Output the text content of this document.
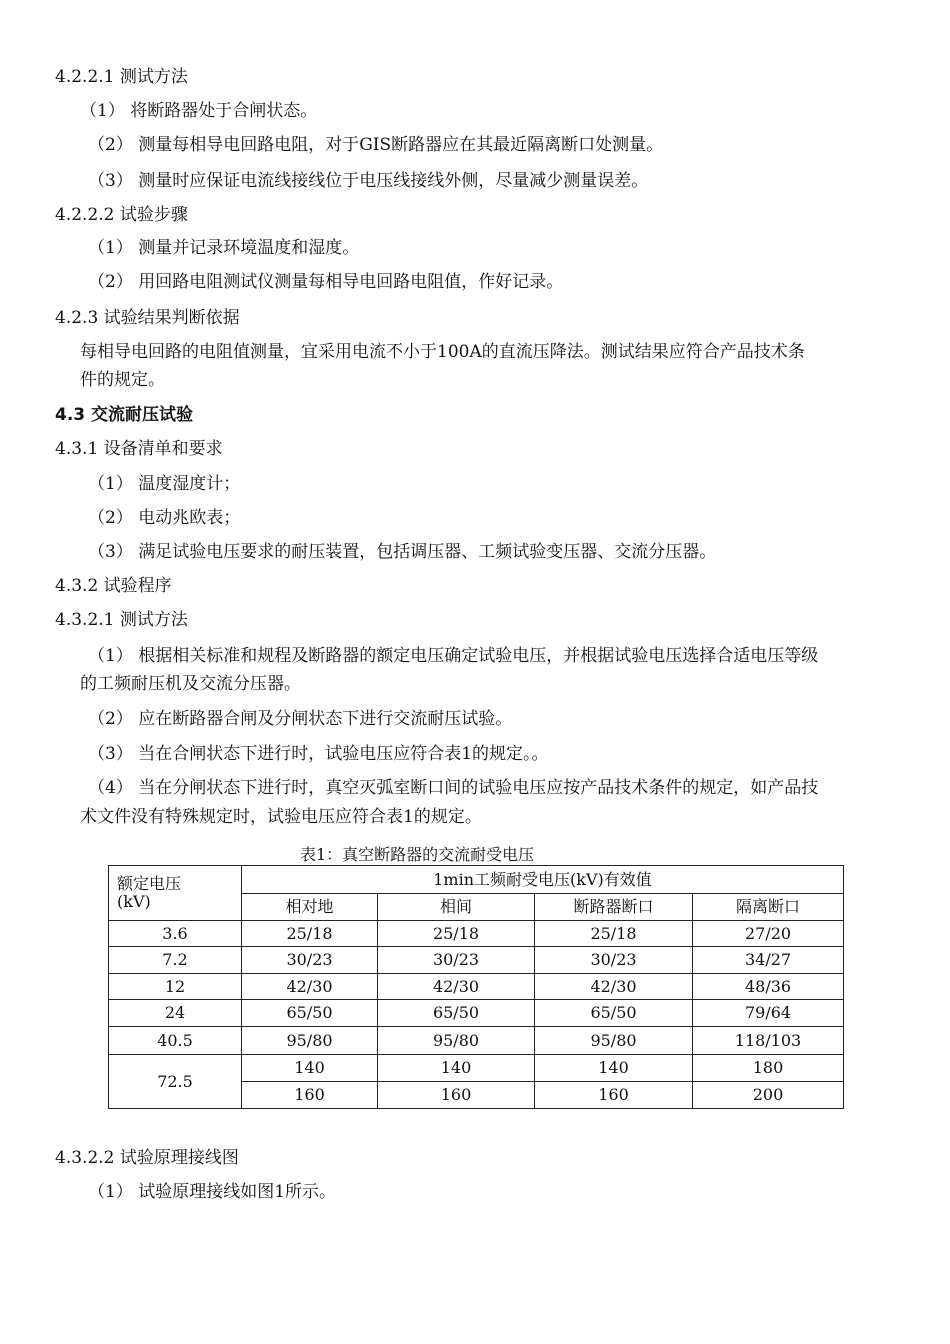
4.2.2.1 测试方法
（1） 将断路器处于合闸状态。
（2） 测量每相导电回路电阻，对于GIS断路器应在其最近隔离断口处测量。
（3） 测量时应保证电流线接线位于电压线接线外侧，尽量减少测量误差。
4.2.2.2 试验步骤
（1） 测量并记录环境温度和湿度。
（2） 用回路电阻测试仪测量每相导电回路电阻值，作好记录。
4.2.3 试验结果判断依据
每相导电回路的电阻值测量，宜采用电流不小于100A的直流压降法。测试结果应符合产品技术条
件的规定。
4.3 交流耐压试验
4.3.1 设备清单和要求
（1） 温度湿度计；
（2） 电动兆欧表；
（3） 满足试验电压要求的耐压装置，包括调压器、工频试验变压器、交流分压器。
4.3.2 试验程序
4.3.2.1 测试方法
（1） 根据相关标准和规程及断路器的额定电压确定试验电压，并根据试验电压选择合适电压等级
的工频耐压机及交流分压器。
（2） 应在断路器合闸及分闸状态下进行交流耐压试验。
（3） 当在合闸状态下进行时，试验电压应符合表1的规定。。
（4） 当在分闸状态下进行时，真空灭弧室断口间的试验电压应按产品技术条件的规定，如产品技
术文件没有特殊规定时，试验电压应符合表1的规定。
表1：真空断路器的交流耐受电压
额定电压
(kV)	1min工频耐受电压(kV)有效值			
	相对地	相间	断路器断口	隔离断口
3.6	25/18	25/18	25/18	27/20
7.2	30/23	30/23	30/23	34/27
12	42/30	42/30	42/30	48/36
24	65/50	65/50	65/50	79/64
40.5	95/80	95/80	95/80	118/103
72.5	140	140	140	180
	160	160	160	200
4.3.2.2 试验原理接线图
（1） 试验原理接线如图1所示。
